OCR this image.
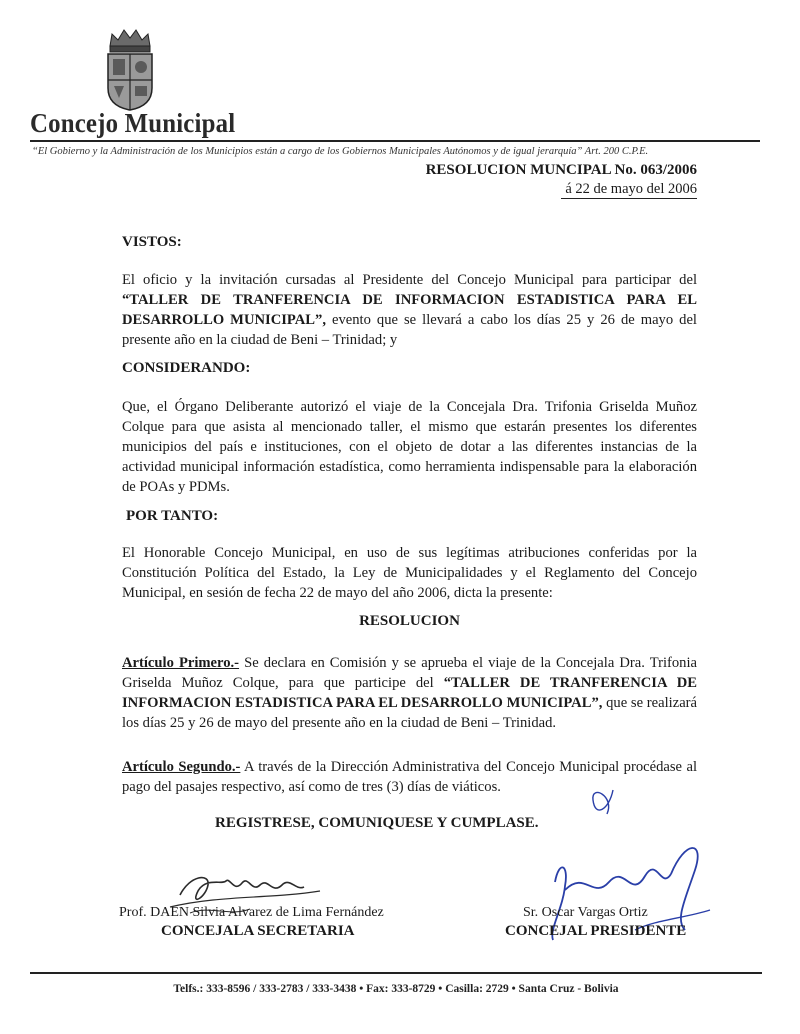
Concejo Municipal
“El Gobierno y la Administración de los Municipios están a cargo de los Gobiernos Municipales Autónomos y de igual jerarquía” Art. 200 C.P.E.
RESOLUCION MUNCIPAL No. 063/2006
á 22 de mayo del 2006
VISTOS:
El oficio y la invitación cursadas al Presidente del Concejo Municipal para participar del “TALLER DE TRANFERENCIA DE INFORMACION ESTADISTICA PARA EL DESARROLLO MUNICIPAL”, evento que se llevará a cabo los días 25 y 26 de mayo del presente año en la ciudad de Beni – Trinidad; y
CONSIDERANDO:
Que, el Órgano Deliberante autorizó el viaje de la Concejala Dra. Trifonia Griselda Muñoz Colque para que asista al mencionado taller, el mismo que estarán presentes los diferentes municipios del país e instituciones, con el objeto de dotar a las diferentes instancias de la actividad municipal información estadística, como herramienta indispensable para la elaboración de POAs y PDMs.
POR TANTO:
El Honorable Concejo Municipal, en uso de sus legítimas atribuciones conferidas por la Constitución Política del Estado, la Ley de Municipalidades y el Reglamento del Concejo Municipal, en sesión de fecha 22 de mayo del año 2006, dicta la presente:
RESOLUCION
Artículo Primero.- Se declara en Comisión y se aprueba el viaje de la Concejala Dra. Trifonia Griselda Muñoz Colque, para que participe del “TALLER DE TRANFERENCIA DE INFORMACION ESTADISTICA PARA EL DESARROLLO MUNICIPAL”, que se realizará los días 25 y 26 de mayo del presente año en la ciudad de Beni – Trinidad.
Artículo Segundo.- A través de la Dirección Administrativa del Concejo Municipal procédase al pago del pasajes respectivo, así como de tres (3) días de viáticos.
REGISTRESE, COMUNIQUESE Y CUMPLASE.
Prof. DAEN Silvia Alvarez de Lima Fernández
CONCEJALA SECRETARIA
Sr. Oscar Vargas Ortiz
CONCEJAL PRESIDENTE
Telfs.: 333-8596 / 333-2783 / 333-3438 • Fax: 333-8729 • Casilla: 2729 • Santa Cruz - Bolivia
